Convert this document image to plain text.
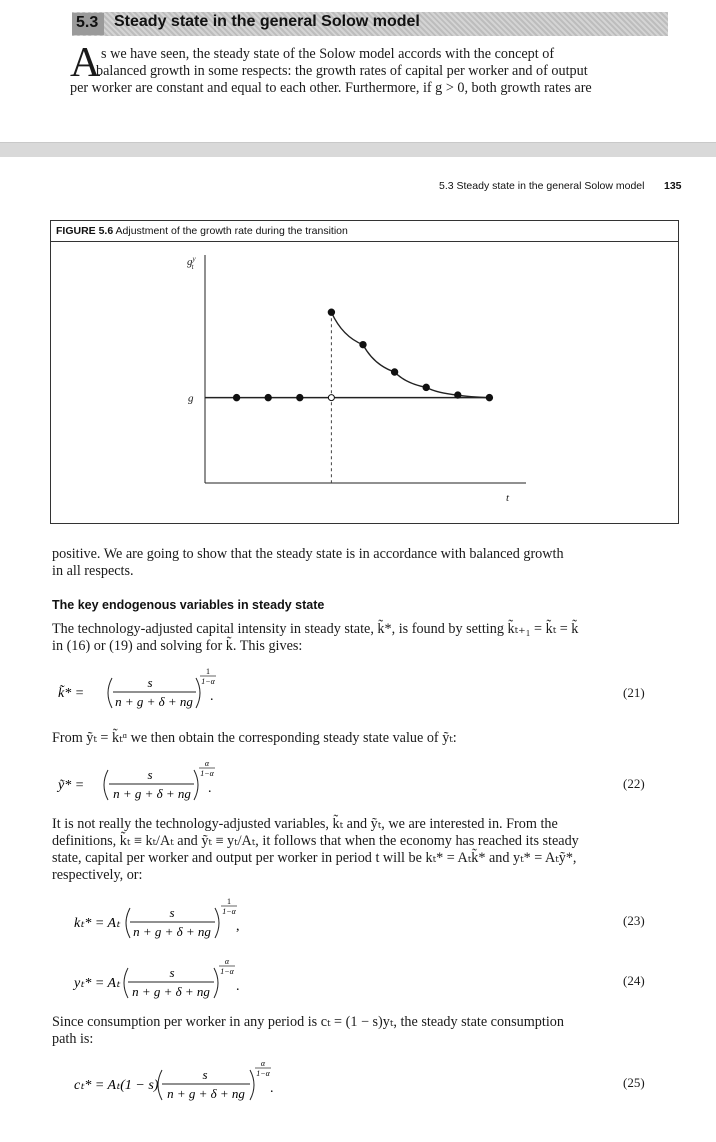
5.3 Steady state in the general Solow model
A s we have seen, the steady state of the Solow model accords with the concept of
balanced growth in some respects: the growth rates of capital per worker and of output
per worker are constant and equal to each other. Furthermore, if g > 0, both growth rates are
5.3 Steady state in the general Solow model 135
FIGURE 5.6 Adjustment of the growth rate during the transition
$g^y$ t
t
g
positive. We are going to show that the steady state is in accordance with balanced growth
in all respects.
The key endogenous variables in steady state
The technology-adjusted capital intensity in steady state, k̃*, is found by setting k̃ₜ₊₁ = k̃ₜ = k̃
in (16) or (19) and solving for k̃. This gives:
k̃* =
s
n + g + δ + ng
1
1−α
.	(21)
From ỹₜ = k̃ₜᵅ we then obtain the corresponding steady state value of ỹₜ:
ỹ* =
s
n + g + δ + ng
α
1−α
.	(22)
It is not really the technology-adjusted variables, k̃ₜ and ỹₜ, we are interested in. From the
definitions, k̃ₜ ≡ kₜ/Aₜ and ỹₜ ≡ yₜ/Aₜ, it follows that when the economy has reached its steady
state, capital per worker and output per worker in period t will be kₜ* = Aₜk̃* and yₜ* = Aₜỹ*,
respectively, or:
kₜ* = Aₜ
s
n + g + δ + ng
1
1−α
,	(23)
yₜ* = Aₜ
s
n + g + δ + ng
α
1−α
.	(24)
Since consumption per worker in any period is cₜ = (1 − s)yₜ, the steady state consumption
path is:
cₜ* = Aₜ(1 − s)
s
n + g + δ + ng
α
1−α
.	(25)
